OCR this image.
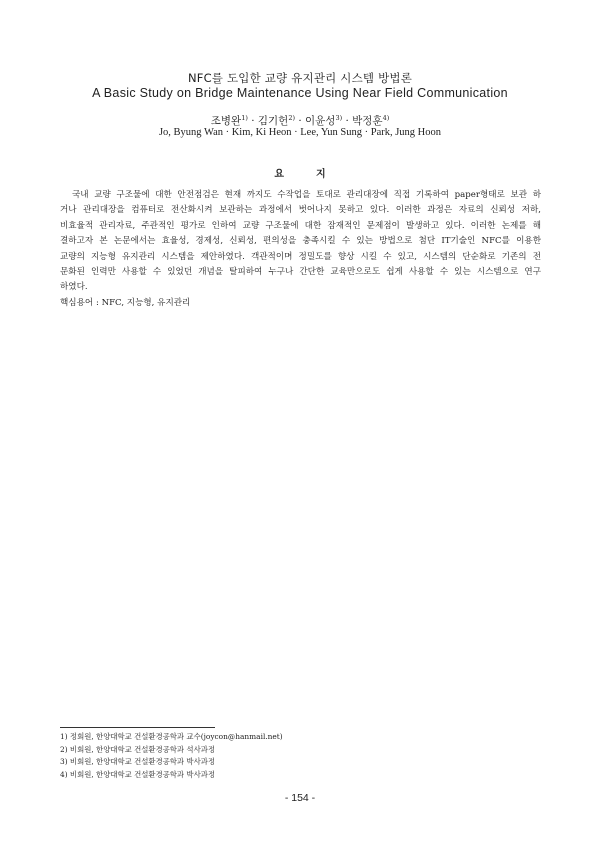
NFC를 도입한 교량 유지관리 시스템 방법론
A Basic Study on Bridge Maintenance Using Near Field Communication
조병완$^{1)}$ · 김기헌$^{2)}$ · 이윤성$^{3)}$ · 박정훈$^{4)}$
Jo, Byung Wan · Kim, Ki Heon · Lee, Yun Sung · Park, Jung Hoon
요지
국내 교량 구조물에 대한 안전점검은 현재 까지도 수작업을 토대로 관리대장에 직접 기록하여 paper형태로 보관 하
거나 관리대장을 컴퓨터로 전산화시켜 보관하는 과정에서 벗어나지 못하고 있다. 이러한 과정은 자료의 신뢰성 저하,
비효율적 관리자료, 주관적인 평가로 인하여 교량 구조물에 대한 잠재적인 문제점이 발생하고 있다. 이러한 논제를 해
결하고자 본 논문에서는 효율성, 경제성, 신뢰성, 편의성을 충족시킬 수 있는 방법으로 첨단 IT기술인 NFC를 이용한
교량의 지능형 유지관리 시스템을 제안하였다. 객관적이며 정밀도를 향상 시킬 수 있고, 시스템의 단순화로 기존의 전
문화된 인력만 사용할 수 있었던 개념을 탈피하여 누구나 간단한 교육만으로도 쉽게 사용할 수 있는 시스템으로 연구
하였다.
핵심용어 : NFC, 지능형, 유지관리
1) 정회원, 한양대학교 건설환경공학과 교수(joycon@hanmail.net)
2) 비회원, 한양대학교 건설환경공학과 석사과정
3) 비회원, 한양대학교 건설환경공학과 박사과정
4) 비회원, 한양대학교 건설환경공학과 박사과정
- 154 -
